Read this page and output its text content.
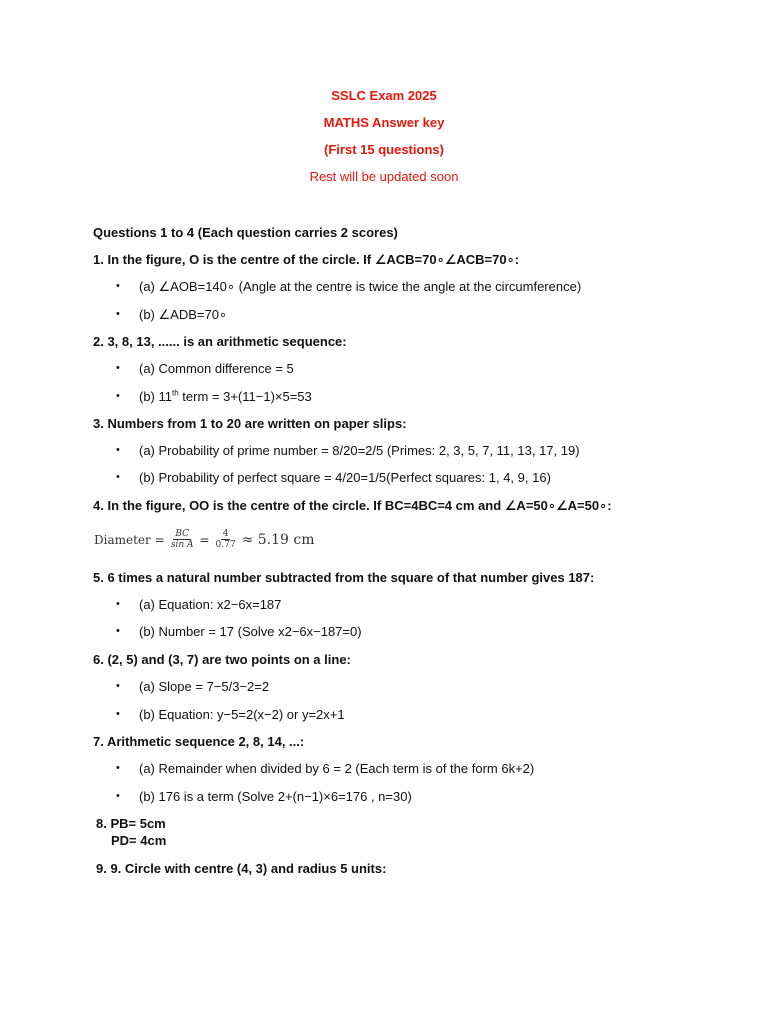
SSLC Exam 2025
MATHS Answer key
(First 15 questions)
Rest will be updated soon
Questions 1 to 4 (Each question carries 2 scores)
1. In the figure, O is the centre of the circle. If ∠ACB=70∘∠ACB=70∘:
• (a) ∠AOB=140∘ (Angle at the centre is twice the angle at the circumference)
• (b) ∠ADB=70∘
2. 3, 8, 13, ...... is an arithmetic sequence:
• (a) Common difference = 5
• (b) 11th term = 3+(11−1)×5=53
3. Numbers from 1 to 20 are written on paper slips:
• (a) Probability of prime number = 8/20=2/5 (Primes: 2, 3, 5, 7, 11, 13, 17, 19)
• (b) Probability of perfect square = 4/20=1/5(Perfect squares: 1, 4, 9, 16)
4. In the figure, OO is the centre of the circle. If BC=4BC=4 cm and ∠A=50∘∠A=50∘:
Diameter = $\frac{BC}{\text{sin A}} = \frac{4}{0.77} \approx 5.19$ cm
5. 6 times a natural number subtracted from the square of that number gives 187:
• (a) Equation: x2−6x=187
• (b) Number = 17 (Solve x2−6x−187=0)
6. (2, 5) and (3, 7) are two points on a line:
• (a) Slope = 7−5/3−2=2
• (b) Equation: y−5=2(x−2) or y=2x+1
7. Arithmetic sequence 2, 8, 14, ...:
• (a) Remainder when divided by 6 = 2 (Each term is of the form 6k+2)
• (b) 176 is a term (Solve 2+(n−1)×6=176 , n=30)
8. PB= 5cm
PD= 4cm
9. 9. Circle with centre (4, 3) and radius 5 units:
